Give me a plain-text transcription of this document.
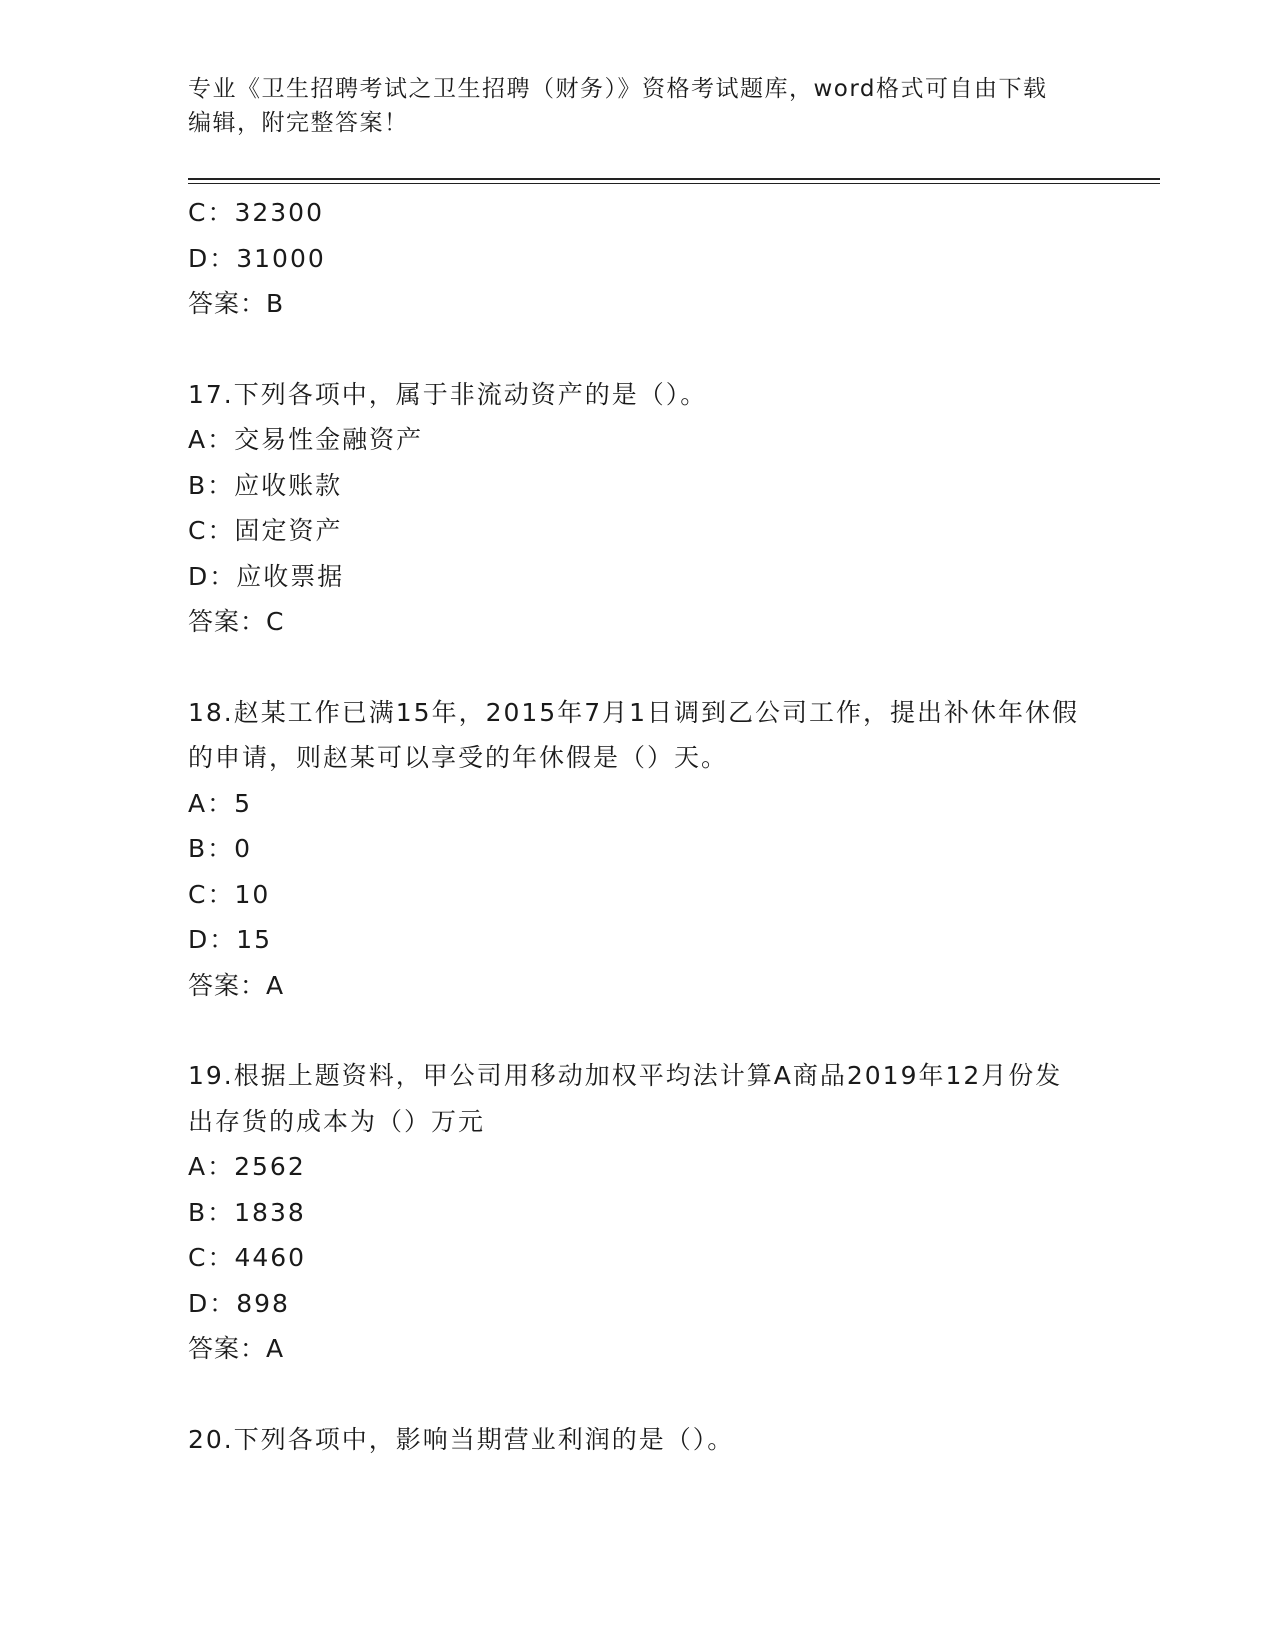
专业《卫生招聘考试之卫生招聘（财务）》资格考试题库，word格式可自由下载编辑，附完整答案！
C：32300
D：31000
答案：B
17.下列各项中，属于非流动资产的是（）。
A：交易性金融资产
B：应收账款
C：固定资产
D：应收票据
答案：C
18.赵某工作已满15年，2015年7月1日调到乙公司工作，提出补休年休假的申请，则赵某可以享受的年休假是（）天。
A：5
B：0
C：10
D：15
答案：A
19.根据上题资料，甲公司用移动加权平均法计算A商品2019年12月份发出存货的成本为（）万元
A：2562
B：1838
C：4460
D：898
答案：A
20.下列各项中，影响当期营业利润的是（）。
